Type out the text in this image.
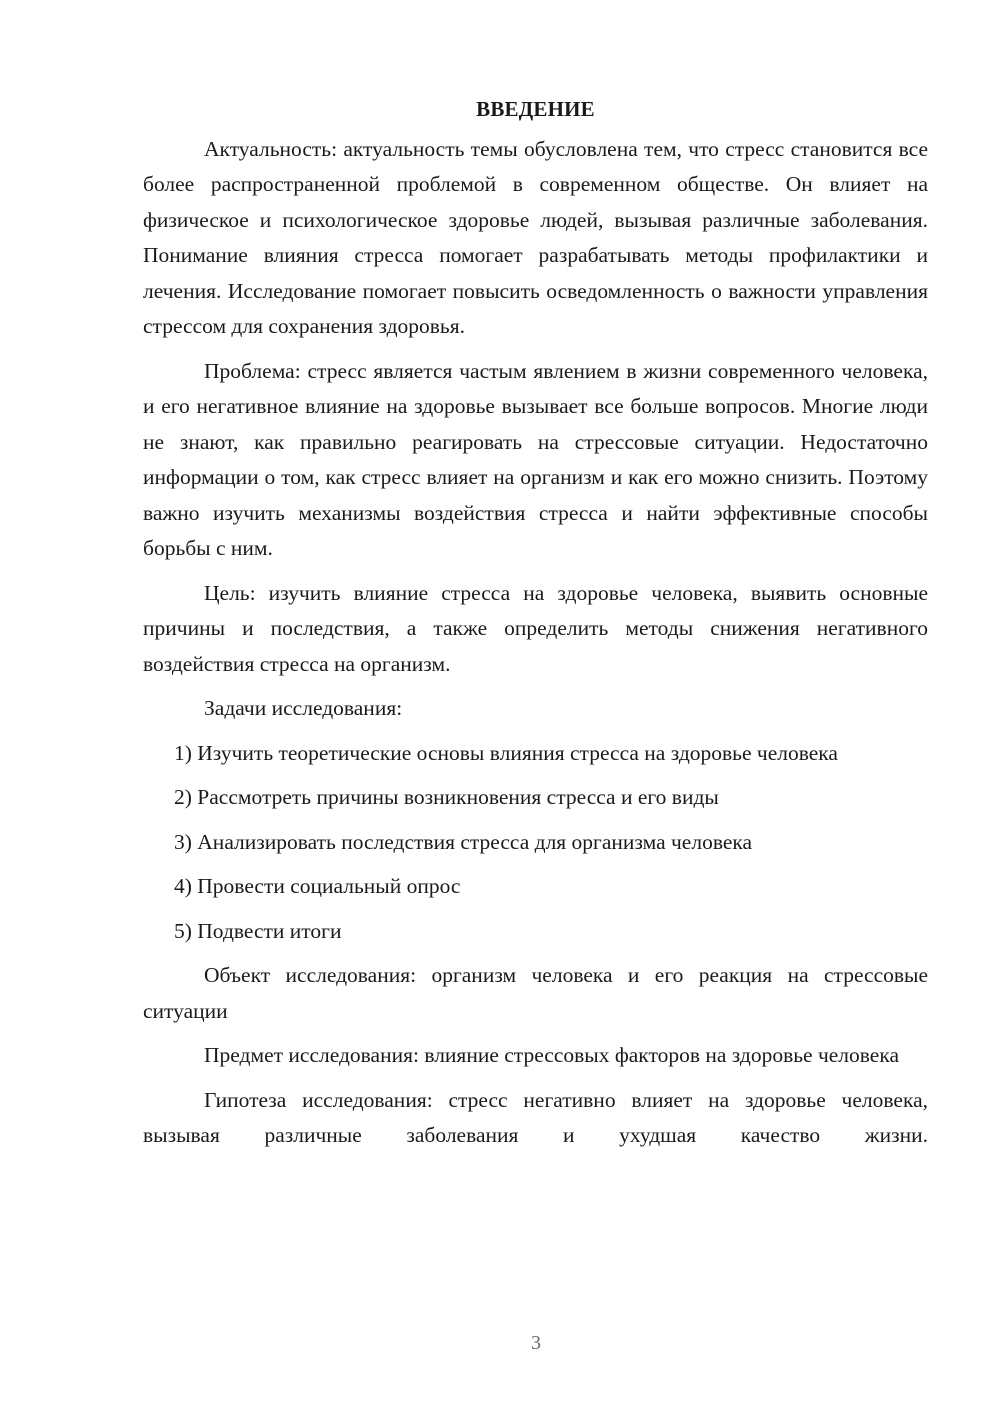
ВВЕДЕНИЕ

Актуальность: актуальность темы обусловлена тем, что стресс становится все более распространенной проблемой в современном обществе. Он влияет на физическое и психологическое здоровье людей, вызывая различные заболевания. Понимание влияния стресса помогает разрабатывать методы профилактики и лечения. Исследование помогает повысить осведомленность о важности управления стрессом для сохранения здоровья.

Проблема: стресс является частым явлением в жизни современного человека, и его негативное влияние на здоровье вызывает все больше вопросов. Многие люди не знают, как правильно реагировать на стрессовые ситуации. Недостаточно информации о том, как стресс влияет на организм и как его можно снизить. Поэтому важно изучить механизмы воздействия стресса и найти эффективные способы борьбы с ним.

Цель: изучить влияние стресса на здоровье человека, выявить основные причины и последствия, а также определить методы снижения негативного воздействия стресса на организм.

Задачи исследования:

1) Изучить теоретические основы влияния стресса на здоровье человека

2) Рассмотреть причины возникновения стресса и его виды

3) Анализировать последствия стресса для организма человека

4) Провести социальный опрос

5) Подвести итоги

Объект исследования: организм человека и его реакция на стрессовые ситуации

Предмет исследования: влияние стрессовых факторов на здоровье человека

Гипотеза исследования: стресс негативно влияет на здоровье человека, вызывая различные заболевания и ухудшая качество жизни.

3
